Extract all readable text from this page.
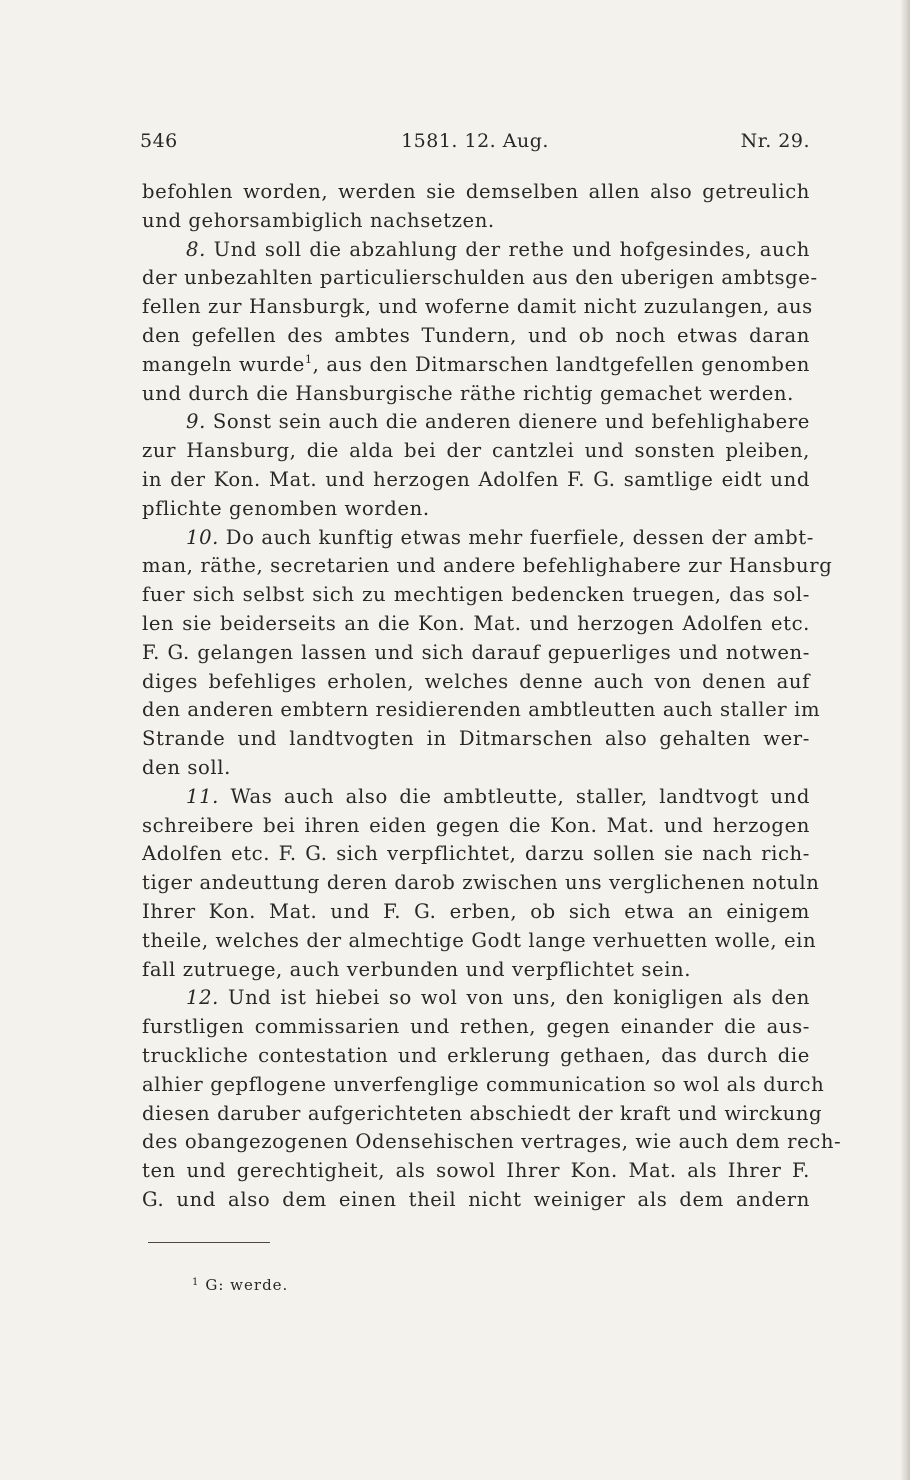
546	1581. 12. Aug.	Nr. 29.
befohlen worden, werden sie demselben allen also getreulich
und gehorsambiglich nachsetzen.
8. Und soll die abzahlung der rethe und hofgesindes, auch
der unbezahlten particulierschulden aus den uberigen ambtsge-
fellen zur Hansburgk, und woferne damit nicht zuzulangen, aus
den gefellen des ambtes Tundern, und ob noch etwas daran
mangeln wurde$^1$, aus den Ditmarschen landtgefellen genomben
und durch die Hansburgische räthe richtig gemachet werden.
9. Sonst sein auch die anderen dienere und befehlighabere
zur Hansburg, die alda bei der cantzlei und sonsten pleiben,
in der Kon. Mat. und herzogen Adolfen F. G. samtlige eidt und
pflichte genomben worden.
10. Do auch kunftig etwas mehr fuerfiele, dessen der ambt-
man, räthe, secretarien und andere befehlighabere zur Hansburg
fuer sich selbst sich zu mechtigen bedencken truegen, das sol-
len sie beiderseits an die Kon. Mat. und herzogen Adolfen etc.
F. G. gelangen lassen und sich darauf gepuerliges und notwen-
diges befehliges erholen, welches denne auch von denen auf
den anderen embtern residierenden ambtleutten auch staller im
Strande und landtvogten in Ditmarschen also gehalten wer-
den soll.
11. Was auch also die ambtleutte, staller, landtvogt und
schreibere bei ihren eiden gegen die Kon. Mat. und herzogen
Adolfen etc. F. G. sich verpflichtet, darzu sollen sie nach rich-
tiger andeuttung deren darob zwischen uns verglichenen notuln
Ihrer Kon. Mat. und F. G. erben, ob sich etwa an einigem
theile, welches der almechtige Godt lange verhuetten wolle, ein
fall zutruege, auch verbunden und verpflichtet sein.
12. Und ist hiebei so wol von uns, den konigligen als den
furstligen commissarien und rethen, gegen einander die aus-
truckliche contestation und erklerung gethaen, das durch die
alhier gepflogene unverfenglige communication so wol als durch
diesen daruber aufgerichteten abschiedt der kraft und wirckung
des obangezogenen Odensehischen vertrages, wie auch dem rech-
ten und gerechtigheit, als sowol Ihrer Kon. Mat. als Ihrer F.
G. und also dem einen theil nicht weiniger als dem andern
$^1$ G: werde.
